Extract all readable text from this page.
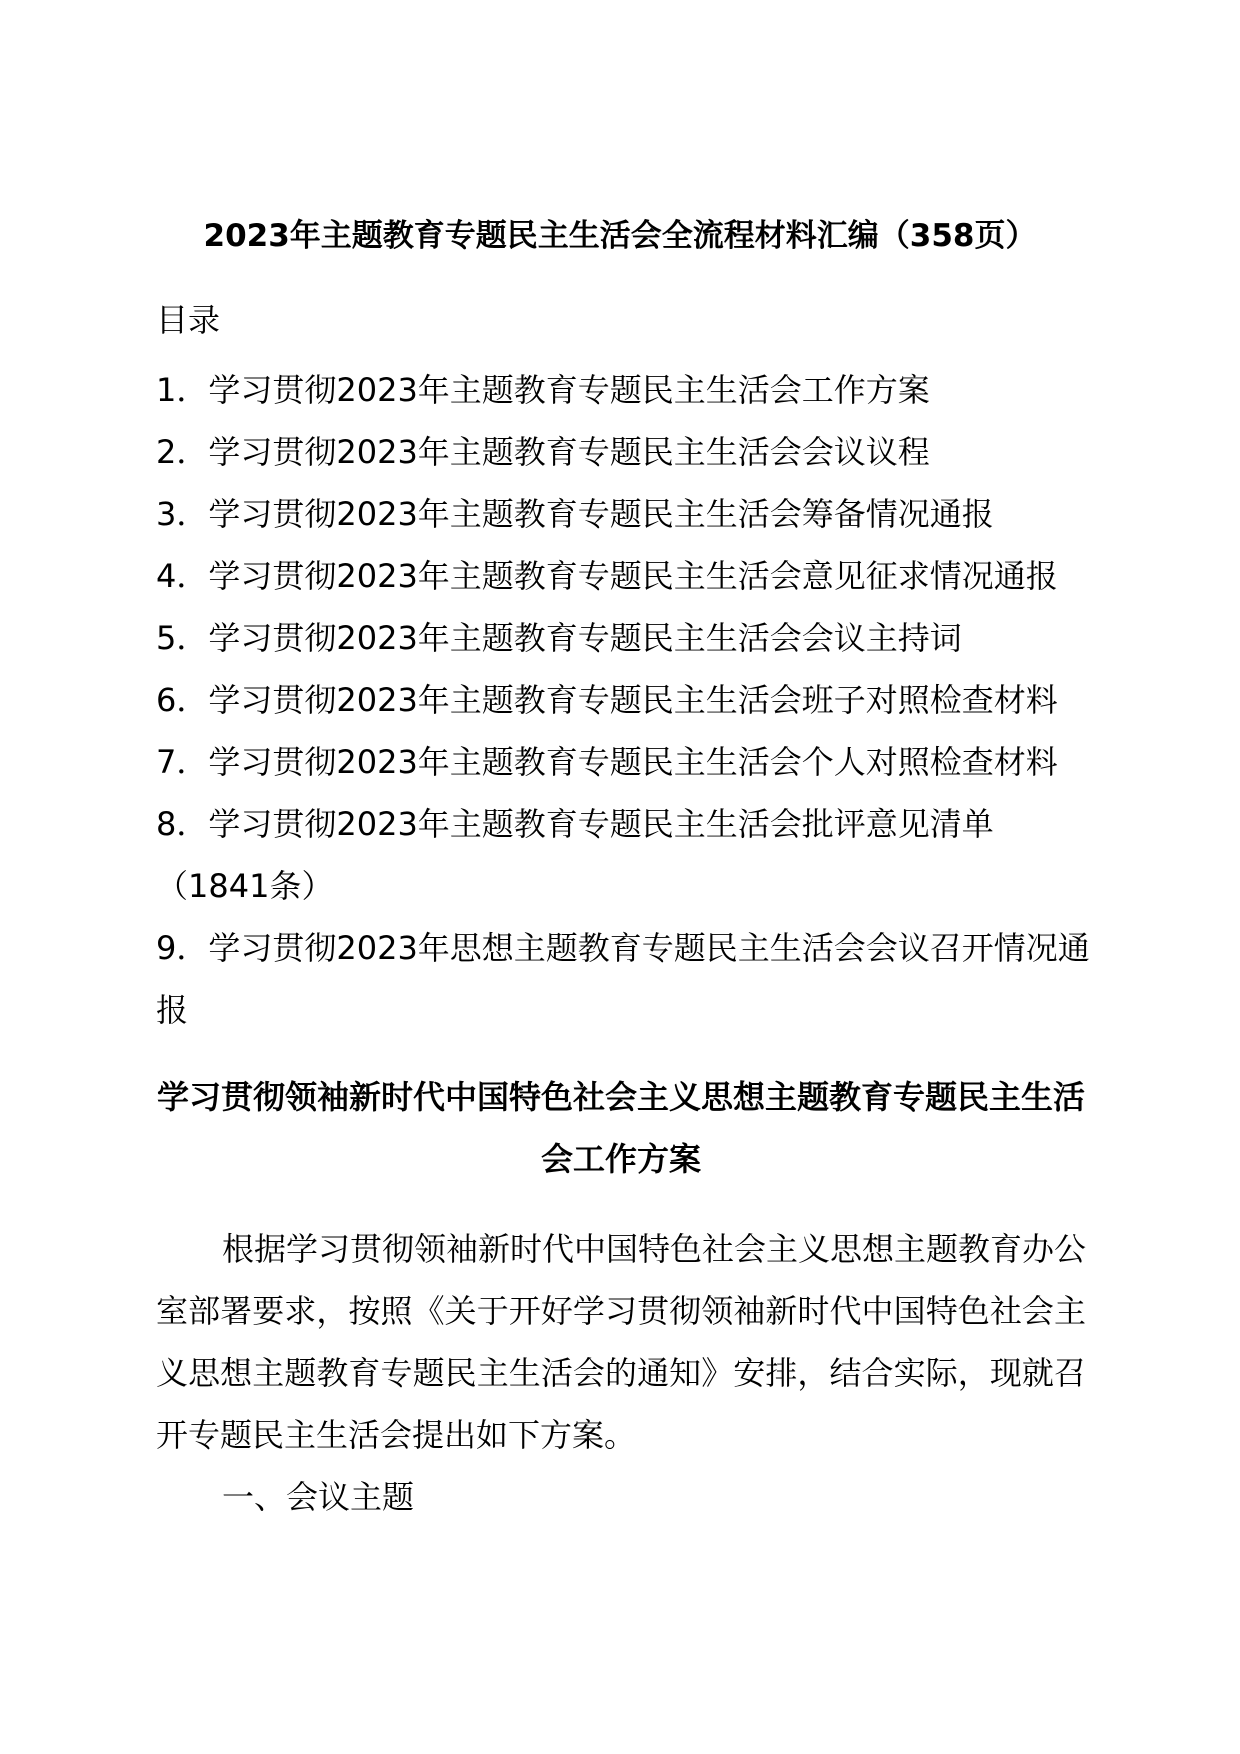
2023年主题教育专题民主生活会全流程材料汇编（358页）

目录

1．学习贯彻2023年主题教育专题民主生活会工作方案
2．学习贯彻2023年主题教育专题民主生活会会议议程
3．学习贯彻2023年主题教育专题民主生活会筹备情况通报
4．学习贯彻2023年主题教育专题民主生活会意见征求情况通报
5．学习贯彻2023年主题教育专题民主生活会会议主持词
6．学习贯彻2023年主题教育专题民主生活会班子对照检查材料
7．学习贯彻2023年主题教育专题民主生活会个人对照检查材料
8．学习贯彻2023年主题教育专题民主生活会批评意见清单（1841条）
9．学习贯彻2023年思想主题教育专题民主生活会会议召开情况通报
学习贯彻领袖新时代中国特色社会主义思想主题教育专题民主生活会工作方案

根据学习贯彻领袖新时代中国特色社会主义思想主题教育办公室部署要求，按照《关于开好学习贯彻领袖新时代中国特色社会主义思想主题教育专题民主生活会的通知》安排，结合实际，现就召开专题民主生活会提出如下方案。

一、会议主题
